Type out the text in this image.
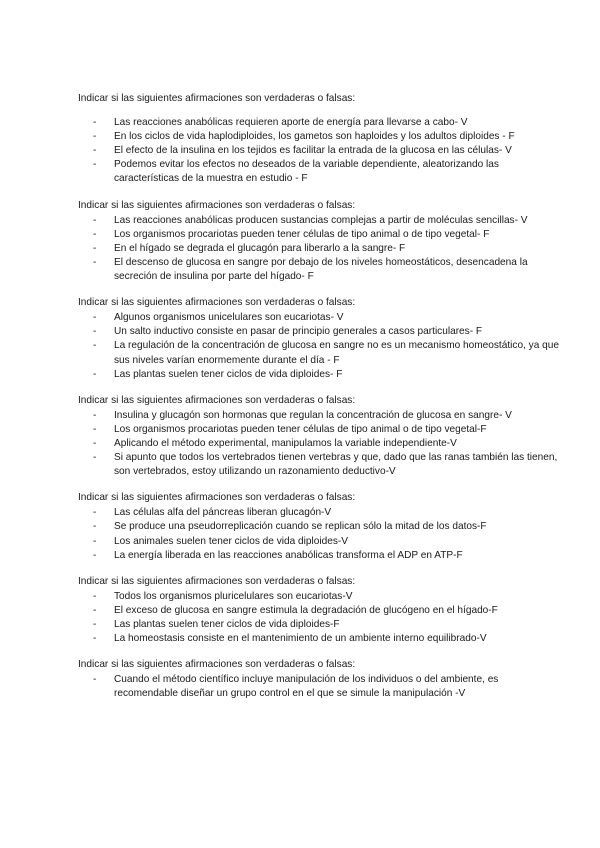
Indicar si las siguientes afirmaciones son verdaderas o falsas:
- Las reacciones anabólicas requieren aporte de energía para llevarse a cabo- V
- En los ciclos de vida haplodiploides, los gametos son haploides y los adultos diploides - F
- El efecto de la insulina en los tejidos es facilitar la entrada de la glucosa en las células- V
- Podemos evitar los efectos no deseados de la variable dependiente, aleatorizando las características de la muestra en estudio - F
Indicar si las siguientes afirmaciones son verdaderas o falsas:
- Las reacciones anabólicas producen sustancias complejas a partir de moléculas sencillas- V
- Los organismos procariotas pueden tener células de tipo animal o de tipo vegetal- F
- En el hígado se degrada el glucagón para liberarlo a la sangre- F
- El descenso de glucosa en sangre por debajo de los niveles homeostáticos, desencadena la secreción de insulina por parte del hígado- F
Indicar si las siguientes afirmaciones son verdaderas o falsas:
- Algunos organismos unicelulares son eucariotas- V
- Un salto inductivo consiste en pasar de principio generales a casos particulares- F
- La regulación de la concentración de glucosa en sangre no es un mecanismo homeostático, ya que sus niveles varían enormemente durante el día - F
- Las plantas suelen tener ciclos de vida diploides- F
Indicar si las siguientes afirmaciones son verdaderas o falsas:
- Insulina y glucagón son hormonas que regulan la concentración de glucosa en sangre- V
- Los organismos procariotas pueden tener células de tipo animal o de tipo vegetal-F
- Aplicando el método experimental, manipulamos la variable independiente-V
- Si apunto que todos los vertebrados tienen vertebras y que, dado que las ranas también las tienen, son vertebrados, estoy utilizando un razonamiento deductivo-V
Indicar si las siguientes afirmaciones son verdaderas o falsas:
- Las células alfa del páncreas liberan glucagón-V
- Se produce una pseudorreplicación cuando se replican sólo la mitad de los datos-F
- Los animales suelen tener ciclos de vida diploides-V
- La energía liberada en las reacciones anabólicas transforma el ADP en ATP-F
Indicar si las siguientes afirmaciones son verdaderas o falsas:
- Todos los organismos pluricelulares son eucariotas-V
- El exceso de glucosa en sangre estimula la degradación de glucógeno en el hígado-F
- Las plantas suelen tener ciclos de vida diploides-F
- La homeostasis consiste en el mantenimiento de un ambiente interno equilibrado-V
Indicar si las siguientes afirmaciones son verdaderas o falsas:
- Cuando el método científico incluye manipulación de los individuos o del ambiente, es recomendable diseñar un grupo control en el que se simule la manipulación -V
